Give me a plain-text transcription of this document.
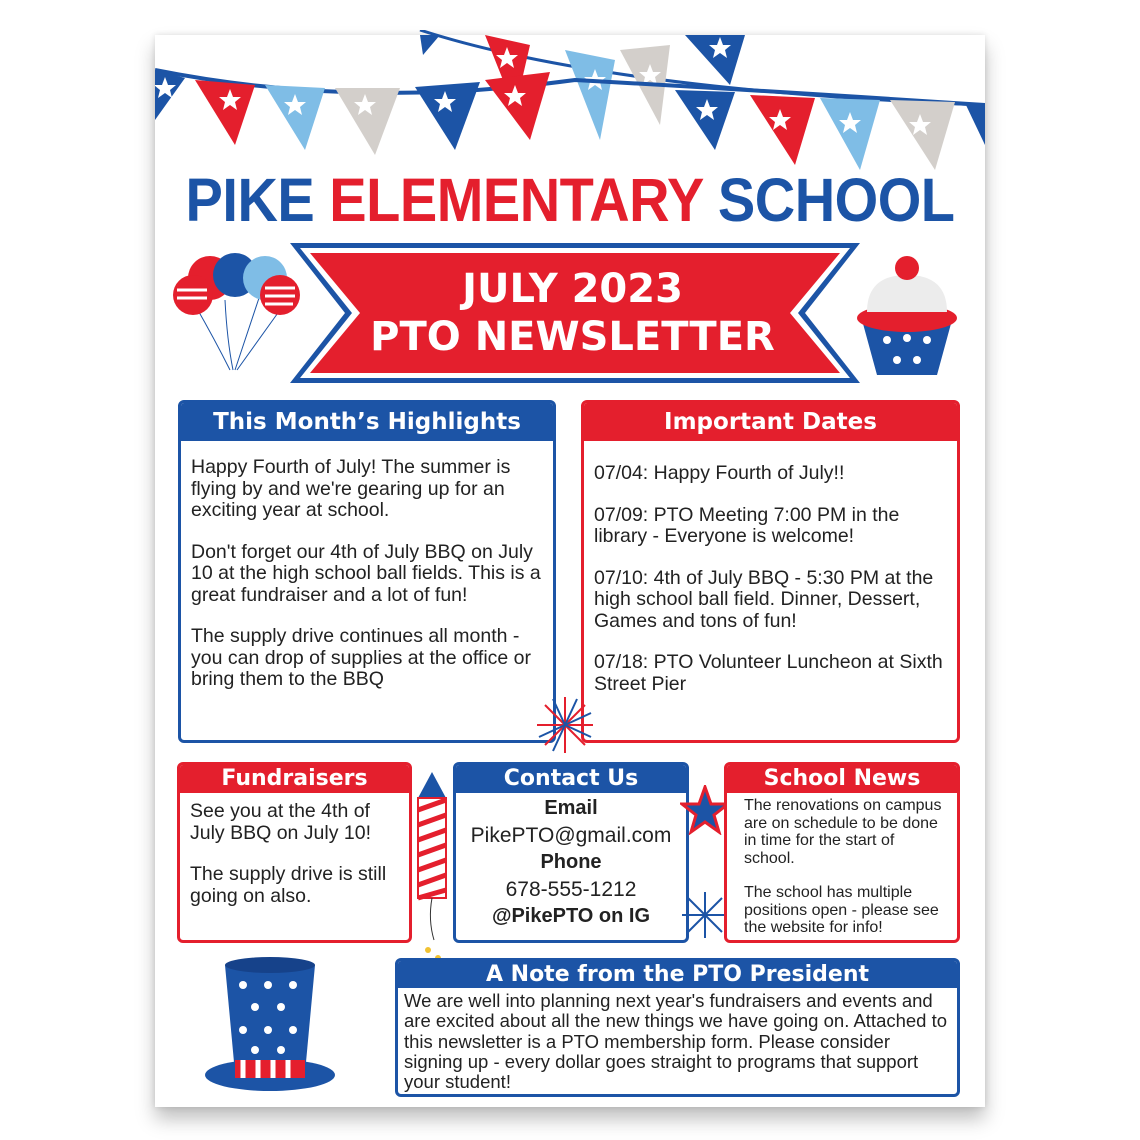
PIKE ELEMENTARY SCHOOL
JULY 2023
PTO NEWSLETTER
This Month’s Highlights

Happy Fourth of July! The summer is flying by and we're gearing up for an exciting year at school.

Don't forget our 4th of July BBQ on July 10 at the high school ball fields. This is a great fundraiser and a lot of fun!

The supply drive continues all month - you can drop of supplies at the office or bring them to the BBQ

Important Dates

07/04: Happy Fourth of July!!

07/09: PTO Meeting 7:00 PM in the library - Everyone is welcome!

07/10: 4th of July BBQ - 5:30 PM at the high school ball field. Dinner, Dessert, Games and tons of fun!

07/18: PTO Volunteer Luncheon at Sixth Street Pier

Fundraisers

See you at the 4th of July BBQ on July 10!

The supply drive is still going on also.

Contact Us
Email
PikePTO@gmail.com
Phone
678-555-1212
@PikePTO on IG
School News

The renovations on campus are on schedule to be done in time for the start of school.

The school has multiple positions open - please see the website for info!

A Note from the PTO President
We are well into planning next year's fundraisers and events and are excited about all the new things we have going on. Attached to this newsletter is a PTO membership form. Please consider signing up - every dollar goes straight to programs that support your student!
